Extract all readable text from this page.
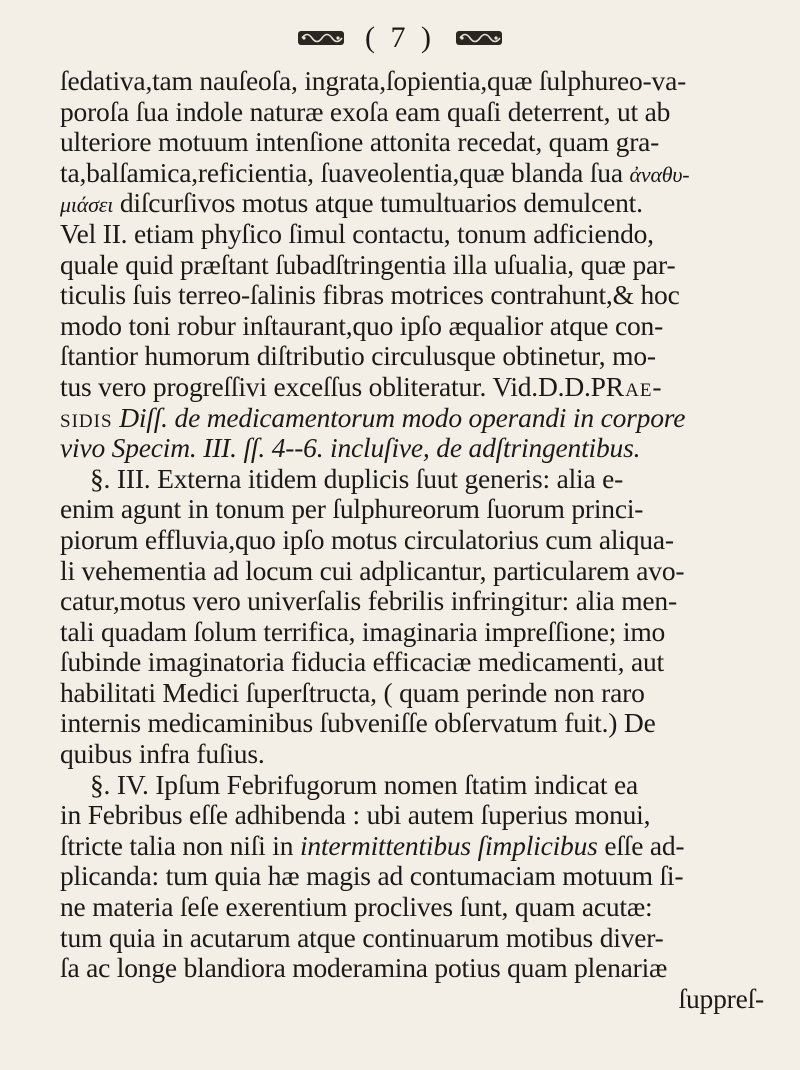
( 7 )
ſedativa,tam nauſeoſa, ingrata,ſopientia,quæ ſulphureo-va-
poroſa ſua indole naturæ exoſa eam quaſi deterrent, ut ab
ulteriore motuum intenſione attonita recedat, quam gra-
ta,balſamica,reficientia, ſuaveolentia,quæ blanda ſua ἀναθυ-
μιάσει diſcurſivos motus atque tumultuarios demulcent.
Vel II. etiam phyſico ſimul contactu, tonum adficiendo,
quale quid præſtant ſubadſtringentia illa uſualia, quæ par-
ticulis ſuis terreo-ſalinis fibras motrices contrahunt,& hoc
modo toni robur inſtaurant,quo ipſo æqualior atque con-
ſtantior humorum diſtributio circulusque obtinetur, mo-
tus vero progreſſivi exceſſus obliteratur. Vid.D.D.PRae-
sidis Diſſ. de medicamentorum modo operandi in corpore
vivo Specim. III. ſſ. 4--6. incluſive, de adſtringentibus.
§. III. Externa itidem duplicis ſuut generis: alia e-
enim agunt in tonum per ſulphureorum ſuorum princi-
piorum effluvia,quo ipſo motus circulatorius cum aliqua-
li vehementia ad locum cui adplicantur, particularem avo-
catur,motus vero univerſalis febrilis infringitur: alia men-
tali quadam ſolum terrifica, imaginaria impreſſione; imo
ſubinde imaginatoria fiducia efficaciæ medicamenti, aut
habilitati Medici ſuperſtructa, ( quam perinde non raro
internis medicaminibus ſubveniſſe obſervatum fuit.) De
quibus infra fuſius.
§. IV. Ipſum Febrifugorum nomen ſtatim indicat ea
in Febribus eſſe adhibenda : ubi autem ſuperius monui,
ſtricte talia non niſi in intermittentibus ſimplicibus eſſe ad-
plicanda: tum quia hæ magis ad contumaciam motuum ſi-
ne materia ſeſe exerentium proclives ſunt, quam acutæ:
tum quia in acutarum atque continuarum motibus diver-
ſa ac longe blandiora moderamina potius quam plenariæ
ſuppreſ-
